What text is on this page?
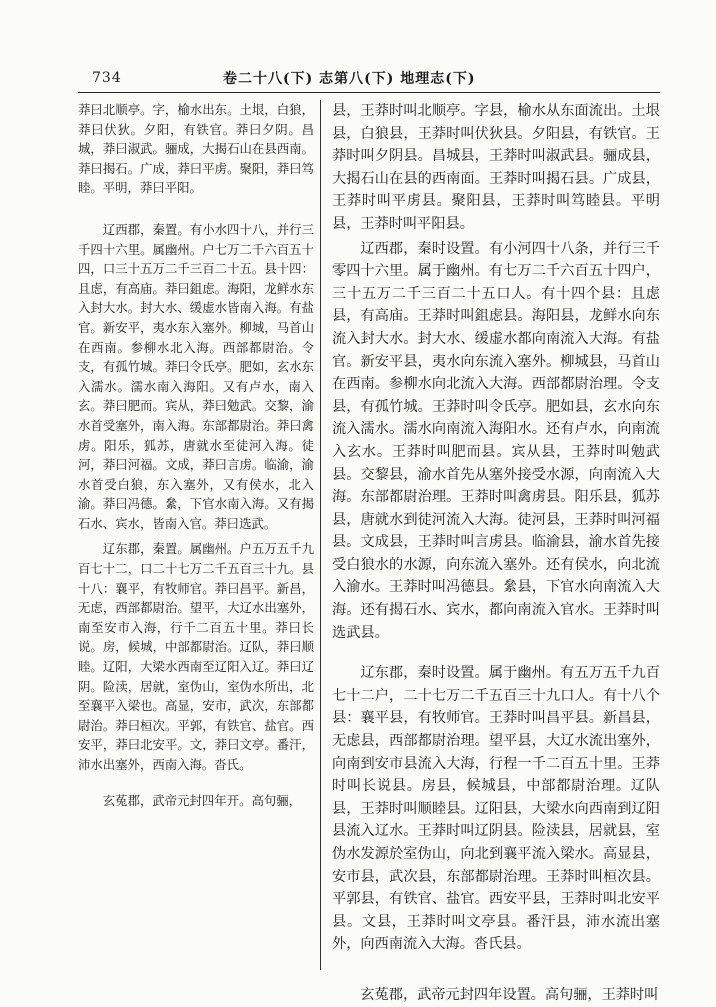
734	卷二十八(下) 志第八(下) 地理志(下)

莽曰北顺亭。字，榆水出东。土垠，白狼，莽曰伏狄。夕阳，有铁官。莽曰夕阴。昌城，莽曰淑武。骊成，大揭石山在县西南。莽曰揭石。广成，莽曰平虏。聚阳，莽曰笃睦。平明，莽曰平阳。

辽西郡，秦置。有小水四十八，并行三千四十六里。属幽州。户七万二千六百五十四，口三十五万二千三百二十五。县十四：且虑，有高庙。莽曰鉏虑。海阳，龙鲜水东入封大水。封大水、缓虚水皆南入海。有盐官。新安平，夷水东入塞外。柳城，马首山在西南。参柳水北入海。西部都尉治。令支，有孤竹城。莽曰令氏亭。肥如，玄水东入濡水。濡水南入海阳。又有卢水，南入玄。莽曰肥而。宾从，莽曰勉武。交黎，渝水首受塞外，南入海。东部都尉治。莽曰禽虏。阳乐，狐苏，唐就水至徒河入海。徒河，莽曰河福。文成，莽曰言虏。临渝，渝水首受白狼，东入塞外，又有侯水，北入渝。莽曰冯德。絫，下官水南入海。又有揭石水、宾水，皆南入官。莽曰选武。

辽东郡，秦置。属幽州。户五万五千九百七十二，口二十七万二千五百三十九。县十八：襄平，有牧师官。莽曰昌平。新昌，无虑，西部都尉治。望平，大辽水出塞外，南至安市入海，行千二百五十里。莽曰长说。房，候城，中部都尉治。辽队，莽曰顺睦。辽阳，大梁水西南至辽阳入辽。莽曰辽阴。险渎，居就，室伪山，室伪水所出，北至襄平入梁也。高显，安市，武次，东部都尉治。莽曰桓次。平郭，有铁官、盐官。西安平，莽曰北安平。文，莽曰文亭。番汗，沛水出塞外，西南入海。沓氏。

玄菟郡，武帝元封四年开。高句骊，

县，王莽时叫北顺亭。字县，榆水从东面流出。土垠县，白狼县，王莽时叫伏狄县。夕阳县，有铁官。王莽时叫夕阴县。昌城县，王莽时叫淑武县。骊成县，大揭石山在县的西南面。王莽时叫揭石县。广成县，王莽时叫平虏县。聚阳县，王莽时叫笃睦县。平明县，王莽时叫平阳县。

辽西郡，秦时设置。有小河四十八条，并行三千零四十六里。属于幽州。有七万二千六百五十四户，三十五万二千三百二十五口人。有十四个县：且虑县，有高庙。王莽时叫鉏虑县。海阳县，龙鲜水向东流入封大水。封大水、缓虚水都向南流入大海。有盐官。新安平县，夷水向东流入塞外。柳城县，马首山在西南。参柳水向北流入大海。西部都尉治理。令支县，有孤竹城。王莽时叫令氏亭。肥如县，玄水向东流入濡水。濡水向南流入海阳水。还有卢水，向南流入玄水。王莽时叫肥而县。宾从县，王莽时叫勉武县。交黎县，渝水首先从塞外接受水源，向南流入大海。东部都尉治理。王莽时叫禽虏县。阳乐县，狐苏县，唐就水到徒河流入大海。徒河县，王莽时叫河福县。文成县，王莽时叫言虏县。临渝县，渝水首先接受白狼水的水源，向东流入塞外。还有侯水，向北流入渝水。王莽时叫冯德县。絫县，下官水向南流入大海。还有揭石水、宾水，都向南流入官水。王莽时叫选武县。

辽东郡，秦时设置。属于幽州。有五万五千九百七十二户，二十七万二千五百三十九口人。有十八个县：襄平县，有牧师官。王莽时叫昌平县。新昌县，无虑县，西部都尉治理。望平县，大辽水流出塞外，向南到安市县流入大海，行程一千二百五十里。王莽时叫长说县。房县，候城县，中部都尉治理。辽队县，王莽时叫顺睦县。辽阳县，大梁水向西南到辽阳县流入辽水。王莽时叫辽阴县。险渎县，居就县，室伪水发源於室伪山，向北到襄平流入梁水。高显县，安市县，武次县，东部都尉治理。王莽时叫桓次县。平郭县，有铁官、盐官。西安平县，王莽时叫北安平县。文县，王莽时叫文亭县。番汗县，沛水流出塞外，向西南流入大海。沓氏县。

玄菟郡，武帝元封四年设置。高句骊，王莽时叫
